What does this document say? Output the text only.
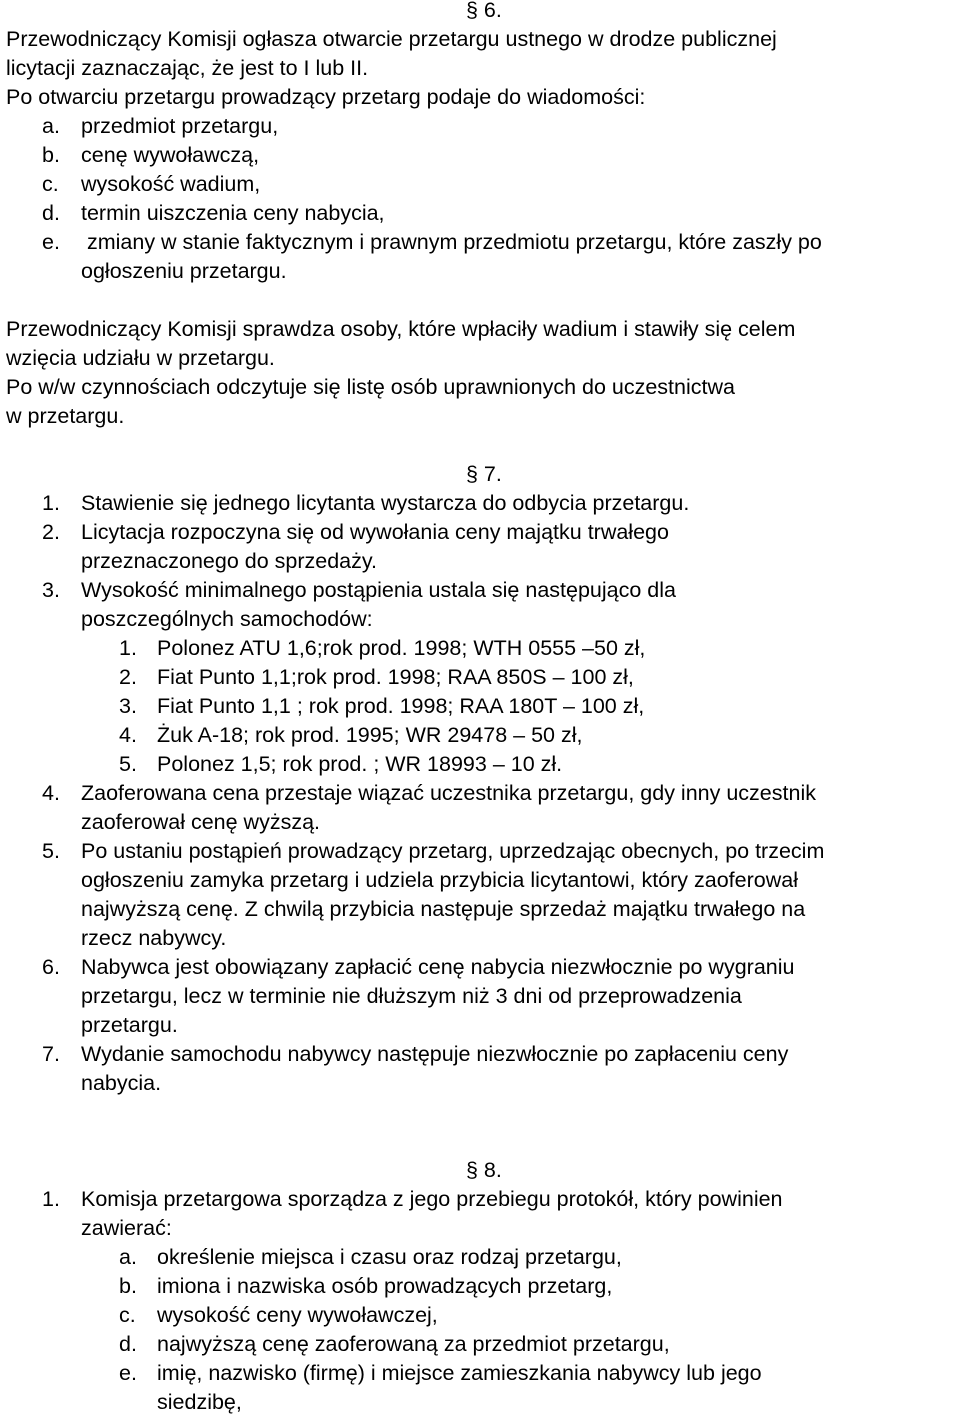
§ 6.
Przewodniczący Komisji ogłasza otwarcie przetargu ustnego w drodze publicznej
licytacji zaznaczając, że jest to I lub II.
Po otwarciu przetargu prowadzący przetarg podaje do wiadomości:
a. przedmiot przetargu,
b. cenę wywoławczą,
c. wysokość wadium,
d. termin uiszczenia ceny nabycia,
e. zmiany w stanie faktycznym i prawnym przedmiotu przetargu, które zaszły po
ogłoszeniu przetargu.
Przewodniczący Komisji sprawdza osoby, które wpłaciły wadium i stawiły się celem
wzięcia udziału w przetargu.
Po w/w czynnościach odczytuje się listę osób uprawnionych do uczestnictwa
w przetargu.
§ 7.
1. Stawienie się jednego licytanta wystarcza do odbycia przetargu.
2. Licytacja rozpoczyna się od wywołania ceny majątku trwałego
przeznaczonego do sprzedaży.
3. Wysokość minimalnego postąpienia ustala się następująco dla
poszczególnych samochodów:
1. Polonez ATU 1,6;rok prod. 1998; WTH 0555 –50 zł,
2. Fiat Punto 1,1;rok prod. 1998; RAA 850S – 100 zł,
3. Fiat Punto 1,1 ; rok prod. 1998; RAA 180T – 100 zł,
4. Żuk A-18; rok prod. 1995; WR 29478 – 50 zł,
5. Polonez 1,5; rok prod. ; WR 18993 – 10 zł.
4. Zaoferowana cena przestaje wiązać uczestnika przetargu, gdy inny uczestnik
zaoferował cenę wyższą.
5. Po ustaniu postąpień prowadzący przetarg, uprzedzając obecnych, po trzecim
ogłoszeniu zamyka przetarg i udziela przybicia licytantowi, który zaoferował
najwyższą cenę. Z chwilą przybicia następuje sprzedaż majątku trwałego na
rzecz nabywcy.
6. Nabywca jest obowiązany zapłacić cenę nabycia niezwłocznie po wygraniu
przetargu, lecz w terminie nie dłuższym niż 3 dni od przeprowadzenia
przetargu.
7. Wydanie samochodu nabywcy następuje niezwłocznie po zapłaceniu ceny
nabycia.
§ 8.
1. Komisja przetargowa sporządza z jego przebiegu protokół, który powinien
zawierać:
a. określenie miejsca i czasu oraz rodzaj przetargu,
b. imiona i nazwiska osób prowadzących przetarg,
c. wysokość ceny wywoławczej,
d. najwyższą cenę zaoferowaną za przedmiot przetargu,
e. imię, nazwisko (firmę) i miejsce zamieszkania nabywcy lub jego
siedzibę,
